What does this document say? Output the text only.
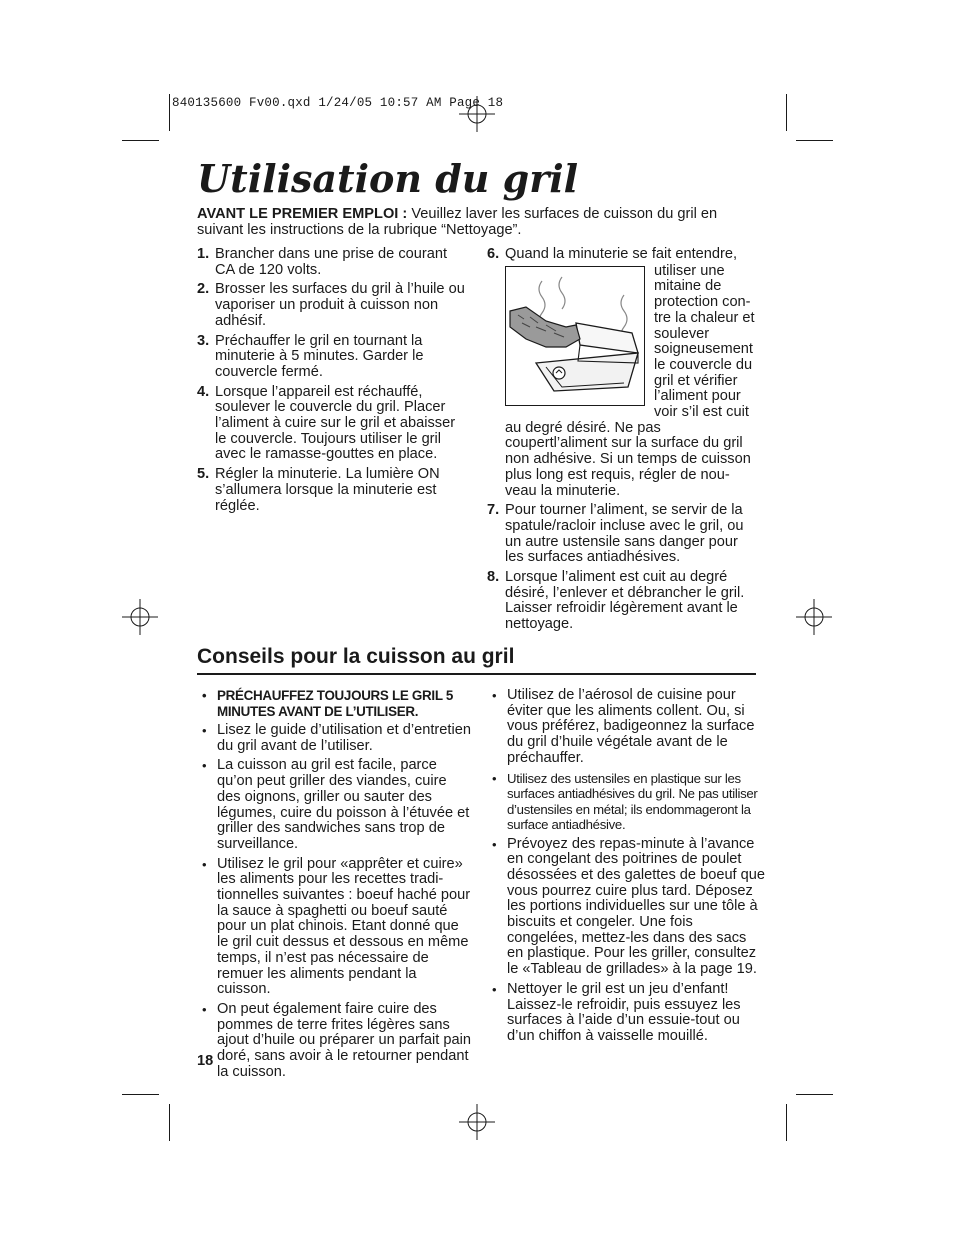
840135600 Fv00.qxd 1/24/05 10:57 AM Page 18
Utilisation du gril

AVANT LE PREMIER EMPLOI : Veuillez laver les surfaces de cuisson du gril en suivant les instructions de la rubrique “Nettoyage”.

1. Brancher dans une prise de courant CA de 120 volts.
2. Brosser les surfaces du gril à l’huile ou vaporiser un produit à cuisson non adhésif.
3. Préchauffer le gril en tournant la minuterie à 5 minutes. Garder le couvercle fermé.
4. Lorsque l’appareil est réchauffé, soulever le couvercle du gril. Placer l’aliment à cuire sur le gril et abaisser le couvercle. Toujours utiliser le gril avec le ramasse-gouttes en place.
5. Régler la minuterie. La lumière ON s’allumera lorsque la minuterie est réglée.
6. Quand la minuterie se fait entendre,

utiliser une mitaine de protection con-tre la chaleur et soulever soigneusement le couvercle du gril et vérifier l’aliment pour voir s’il est cuit

au degré désiré. Ne pas coupertl’aliment sur la surface du gril non adhésive. Si un temps de cuisson plus long est requis, régler de nou-veau la minuterie.

7. Pour tourner l’aliment, se servir de la spatule/racloir incluse avec le gril, ou un autre ustensile sans danger pour les surfaces antiadhésives.
8. Lorsque l’aliment est cuit au degré désiré, l’enlever et débrancher le gril. Laisser refroidir légèrement avant le nettoyage.
Conseils pour la cuisson au gril
• PRÉCHAUFFEZ TOUJOURS LE GRIL 5 MINUTES AVANT DE L’UTILISER.
• Lisez le guide d’utilisation et d’entretien du gril avant de l’utiliser.
• La cuisson au gril est facile, parce qu’on peut griller des viandes, cuire des oignons, griller ou sauter des légumes, cuire du poisson à l’étuvée et griller des sandwiches sans trop de surveillance.
• Utilisez le gril pour «apprêter et cuire» les aliments pour les recettes tradi-tionnelles suivantes : boeuf haché pour la sauce à spaghetti ou boeuf sauté pour un plat chinois. Etant donné que le gril cuit dessus et dessous en même temps, il n’est pas nécessaire de remuer les aliments pendant la cuisson.
• On peut également faire cuire des pommes de terre frites légères sans ajout d’huile ou préparer un parfait pain doré, sans avoir à le retourner pendant la cuisson.
• Utilisez de l’aérosol de cuisine pour éviter que les aliments collent. Ou, si vous préférez, badigeonnez la surface du gril d’huile végétale avant de le préchauffer.
• Utilisez des ustensiles en plastique sur les surfaces antiadhésives du gril. Ne pas utiliser d’ustensiles en métal; ils endommageront la surface antiadhésive.
• Prévoyez des repas-minute à l’avance en congelant des poitrines de poulet désossées et des galettes de boeuf que vous pourrez cuire plus tard. Déposez les portions individuelles sur une tôle à biscuits et congeler. Une fois congelées, mettez-les dans des sacs en plastique. Pour les griller, consultez le «Tableau de grillades» à la page 19.
• Nettoyer le gril est un jeu d’enfant! Laissez-le refroidir, puis essuyez les surfaces à l’aide d’un essuie-tout ou d’un chiffon à vaisselle mouillé.
18
